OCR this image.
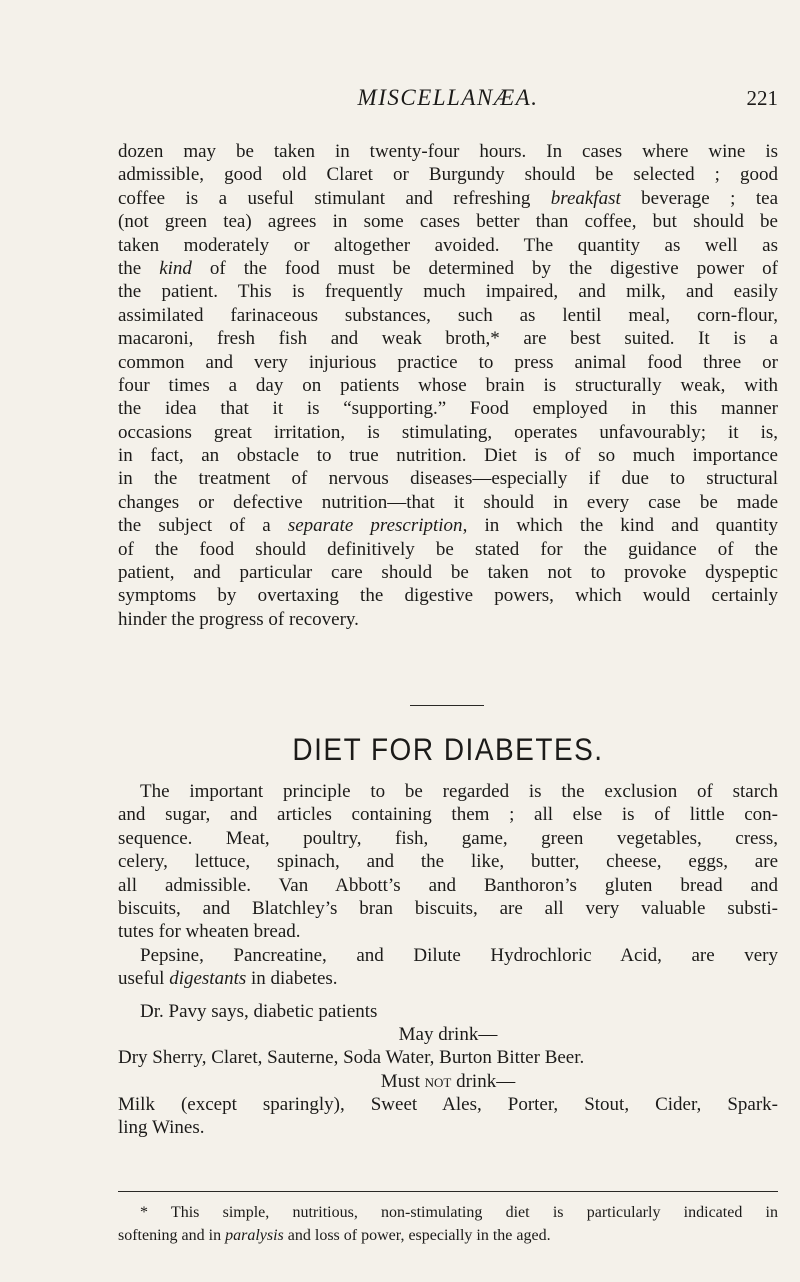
MISCELLANÆA.	221
dozen may be taken in twenty-four hours. In cases where wine is
admissible, good old Claret or Burgundy should be selected ; good
coffee is a useful stimulant and refreshing breakfast beverage ; tea
(not green tea) agrees in some cases better than coffee, but should be
taken moderately or altogether avoided. The quantity as well as
the kind of the food must be determined by the digestive power of
the patient. This is frequently much impaired, and milk, and easily
assimilated farinaceous substances, such as lentil meal, corn-flour,
macaroni, fresh fish and weak broth,* are best suited. It is a
common and very injurious practice to press animal food three or
four times a day on patients whose brain is structurally weak, with
the idea that it is “supporting.” Food employed in this manner
occasions great irritation, is stimulating, operates unfavourably; it is,
in fact, an obstacle to true nutrition. Diet is of so much importance
in the treatment of nervous diseases—especially if due to structural
changes or defective nutrition—that it should in every case be made
the subject of a separate prescription, in which the kind and quantity
of the food should definitively be stated for the guidance of the
patient, and particular care should be taken not to provoke dyspeptic
symptoms by overtaxing the digestive powers, which would certainly
hinder the progress of recovery.
DIET FOR DIABETES.
The important principle to be regarded is the exclusion of starch
and sugar, and articles containing them ; all else is of little con-
sequence. Meat, poultry, fish, game, green vegetables, cress,
celery, lettuce, spinach, and the like, butter, cheese, eggs, are
all admissible. Van Abbott’s and Banthoron’s gluten bread and
biscuits, and Blatchley’s bran biscuits, are all very valuable substi-
tutes for wheaten bread.
Pepsine, Pancreatine, and Dilute Hydrochloric Acid, are very
useful digestants in diabetes.
Dr. Pavy says, diabetic patients
May drink—
Dry Sherry, Claret, Sauterne, Soda Water, Burton Bitter Beer.
Must not drink—
Milk (except sparingly), Sweet Ales, Porter, Stout, Cider, Spark-
ling Wines.
* This simple, nutritious, non-stimulating diet is particularly indicated in
softening and in paralysis and loss of power, especially in the aged.
